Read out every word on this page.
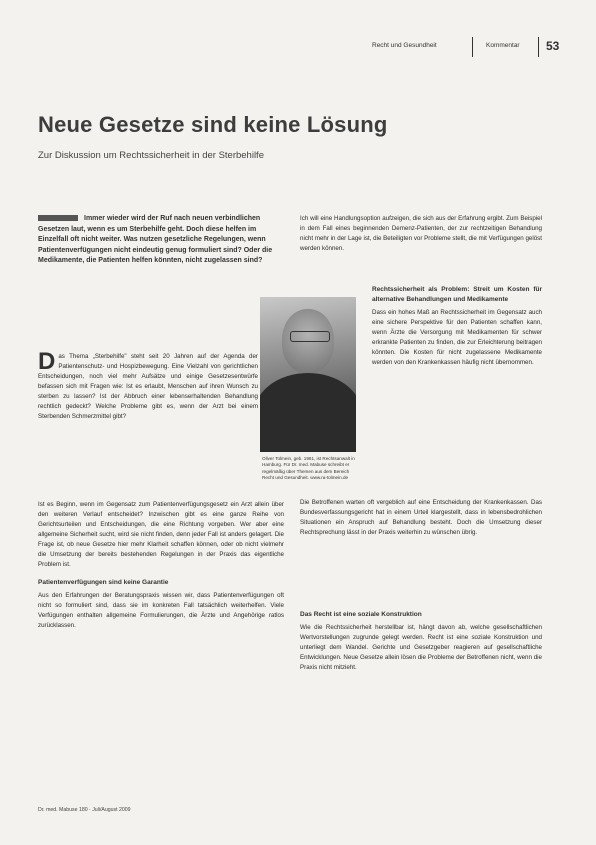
Recht und Gesundheit	Kommentar 53
Neue Gesetze sind keine Lösung
Zur Diskussion um Rechtssicherheit in der Sterbehilfe
Immer wieder wird der Ruf nach neuen verbindlichen Gesetzen laut, wenn es um Sterbehilfe geht. Doch diese helfen im Einzelfall oft nicht weiter. Was nutzen gesetzliche Regelungen, wenn Patientenverfügungen nicht eindeutig genug formuliert sind? Oder die Medikamente, die Patienten helfen könnten, nicht zugelassen sind?
D as Thema „Sterbehilfe" steht seit 20 Jahren auf der Agenda der Patientenschutz- und Hospizbewegung. Eine Vielzahl von gerichtlichen Entscheidungen, noch viel mehr Aufsätze und einige Gesetzesentwürfe befassen sich mit Fragen wie: Ist es erlaubt, Menschen auf ihren Wunsch zu sterben zu lassen? Ist der Abbruch einer lebenserhaltenden Behandlung rechtlich gedeckt? Welche Probleme gibt es, wenn der Arzt bei einem Sterbenden Schmerzmittel gibt?

Ist es Beginn, wenn im Gegensatz zum Patientenverfügungsgesetz ein Arzt allein über den weiteren Verlauf entscheidet? Inzwischen gibt es eine ganze Reihe von Gerichtsurteilen und Entscheidungen, die eine Richtung vorgeben. Wer aber eine allgemeine Sicherheit sucht, wird sie nicht finden, denn jeder Fall ist anders gelagert. Die Frage ist, ob neue Gesetze hier mehr Klarheit schaffen können, oder ob nicht vielmehr die Umsetzung der bereits bestehenden Regelungen in der Praxis das eigentliche Problem ist.

Patientenverfügungen sind keine Garantie

Aus den Erfahrungen der Beratungspraxis wissen wir, dass Patientenverfügungen oft nicht so formuliert sind, dass sie im konkreten Fall tatsächlich weiterhelfen. Viele Verfügungen enthalten allgemeine Formulierungen, die Ärzte und Angehörige ratlos zurücklassen.

Oliver Tolmein, geb. 1961, ist Rechtsanwalt in Hamburg. Für Dr. med. Mabuse schreibt er regelmäßig über Themen aus dem Bereich Recht und Gesundheit. www.ra-tolmein.de
Ich will eine Handlungsoption aufzeigen, die sich aus der Erfahrung ergibt. Zum Beispiel in dem Fall eines beginnenden Demenz-Patienten, der zur rechtzeitigen Behandlung nicht mehr in der Lage ist, die Beteiligten vor Probleme stellt, die mit Verfügungen gelöst werden können.
Rechtssicherheit als Problem: Streit um Kosten für alternative Behandlungen und Medikamente

Dass ein hohes Maß an Rechtssicherheit im Gegensatz auch eine sichere Perspektive für den Patienten schaffen kann, wenn Ärzte die Versorgung mit Medikamenten für schwer erkrankte Patienten zu finden, die zur Erleichterung beitragen könnten. Die Kosten für nicht zugelassene Medikamente werden von den Krankenkassen häufig nicht übernommen.

Die Betroffenen warten oft vergeblich auf eine Entscheidung der Krankenkassen. Das Bundesverfassungsgericht hat in einem Urteil klargestellt, dass in lebensbedrohlichen Situationen ein Anspruch auf Behandlung besteht. Doch die Umsetzung dieser Rechtsprechung lässt in der Praxis weiterhin zu wünschen übrig.
Das Recht ist eine soziale Konstruktion

Wie die Rechtssicherheit herstellbar ist, hängt davon ab, welche gesellschaftlichen Wertvorstellungen zugrunde gelegt werden. Recht ist eine soziale Konstruktion und unterliegt dem Wandel. Gerichte und Gesetzgeber reagieren auf gesellschaftliche Entwicklungen. Neue Gesetze allein lösen die Probleme der Betroffenen nicht, wenn die Praxis nicht mitzieht.

Dr. med. Mabuse 180 · Juli/August 2009
